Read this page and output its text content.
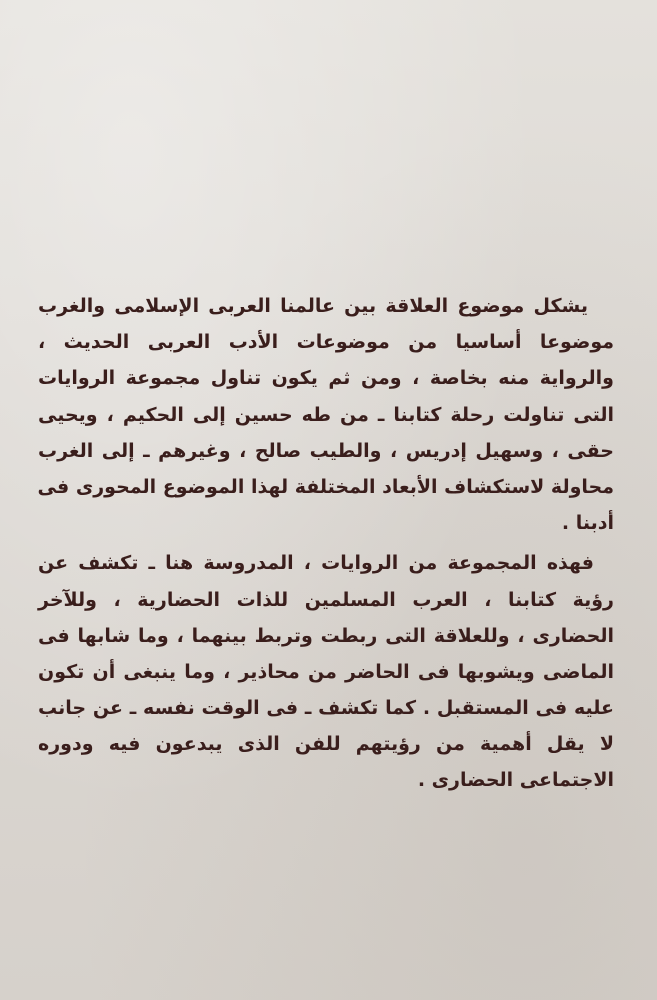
يشكل موضوع العلاقة بين عالمنا العربى الإسلامى والغرب
موضوعا أساسيا من موضوعات الأدب العربى الحديث ،
والرواية منه بخاصة ، ومن ثم يكون تناول مجموعة الروايات
التى تناولت رحلة كتابنا ـ من طه حسين إلى الحكيم ، ويحيى
حقى ، وسهيل إدريس ، والطيب صالح ، وغيرهم ـ إلى الغرب
محاولة لاستكشاف الأبعاد المختلفة لهذا الموضوع المحورى فى
أدبنا .
فهذه المجموعة من الروايات ، المدروسة هنا ـ تكشف عن
رؤية كتابنا ، العرب المسلمين للذات الحضارية ، وللآخر
الحضارى ، وللعلاقة التى ربطت وتربط بينهما ، وما شابها فى
الماضى ويشوبها فى الحاضر من محاذير ، وما ينبغى أن تكون
عليه فى المستقبل . كما تكشف ـ فى الوقت نفسه ـ عن جانب
لا يقل أهمية من رؤيتهم للفن الذى يبدعون فيه ودوره
الاجتماعى الحضارى .
